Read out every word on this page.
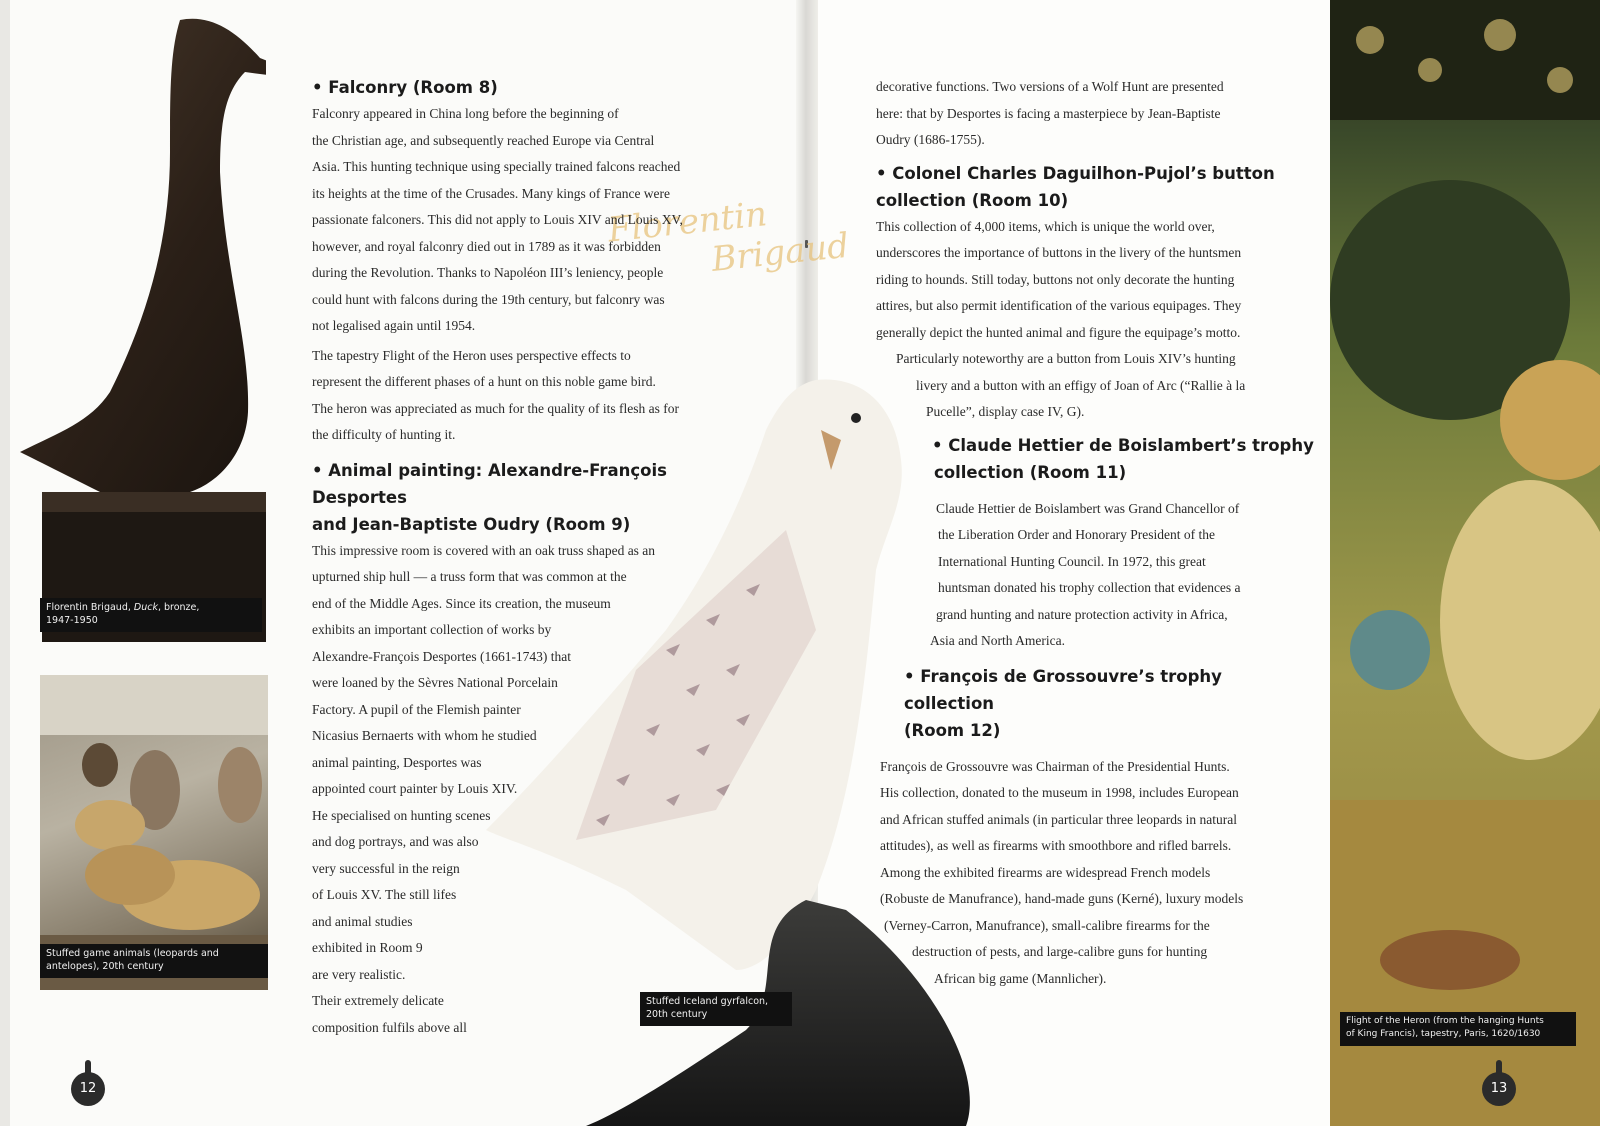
Florentin Brigaud, Duck, bronze,
1947-1950
Stuffed game animals (leopards and
antelopes), 20th century
Stuffed Iceland gyrfalcon,
20th century
Florentin
Brigaud
Flight of the Heron (from the hanging Hunts
of King Francis), tapestry, Paris, 1620/1630
12	13
• Falconry (Room 8)
Falconry appeared in China long before the beginning of
the Christian age, and subsequently reached Europe via Central
Asia. This hunting technique using specially trained falcons reached
its heights at the time of the Crusades. Many kings of France were
passionate falconers. This did not apply to Louis XIV and Louis XV,
however, and royal falconry died out in 1789 as it was forbidden
during the Revolution. Thanks to Napoléon III’s leniency, people
could hunt with falcons during the 19th century, but falconry was
not legalised again until 1954.
The tapestry Flight of the Heron uses perspective effects to
represent the different phases of a hunt on this noble game bird.
The heron was appreciated as much for the quality of its flesh as for
the difficulty of hunting it.
• Animal painting: Alexandre-François Desportes
and Jean-Baptiste Oudry (Room 9)
This impressive room is covered with an oak truss shaped as an
upturned ship hull — a truss form that was common at the
end of the Middle Ages. Since its creation, the museum
exhibits an important collection of works by
Alexandre-François Desportes (1661-1743) that
were loaned by the Sèvres National Porcelain
Factory. A pupil of the Flemish painter
Nicasius Bernaerts with whom he studied
animal painting, Desportes was
appointed court painter by Louis XIV.
He specialised on hunting scenes
and dog portrays, and was also
very successful in the reign
of Louis XV. The still lifes
and animal studies
exhibited in Room 9
are very realistic.
Their extremely delicate
composition fulfils above all
decorative functions. Two versions of a Wolf Hunt are presented
here: that by Desportes is facing a masterpiece by Jean-Baptiste
Oudry (1686-1755).
• Colonel Charles Daguilhon-Pujol’s button
collection (Room 10)
This collection of 4,000 items, which is unique the world over,
underscores the importance of buttons in the livery of the huntsmen
riding to hounds. Still today, buttons not only decorate the hunting
attires, but also permit identification of the various equipages. They
generally depict the hunted animal and figure the equipage’s motto.
Particularly noteworthy are a button from Louis XIV’s hunting
livery and a button with an effigy of Joan of Arc (“Rallie à la
Pucelle”, display case IV, G).
• Claude Hettier de Boislambert’s trophy
collection (Room 11)
Claude Hettier de Boislambert was Grand Chancellor of
the Liberation Order and Honorary President of the
International Hunting Council. In 1972, this great
huntsman donated his trophy collection that evidences a
grand hunting and nature protection activity in Africa,
Asia and North America.
• François de Grossouvre’s trophy collection
(Room 12)
François de Grossouvre was Chairman of the Presidential Hunts.
His collection, donated to the museum in 1998, includes European
and African stuffed animals (in particular three leopards in natural
attitudes), as well as firearms with smoothbore and rifled barrels.
Among the exhibited firearms are widespread French models
(Robuste de Manufrance), hand-made guns (Kerné), luxury models
(Verney-Carron, Manufrance), small-calibre firearms for the
destruction of pests, and large-calibre guns for hunting
African big game (Mannlicher).
